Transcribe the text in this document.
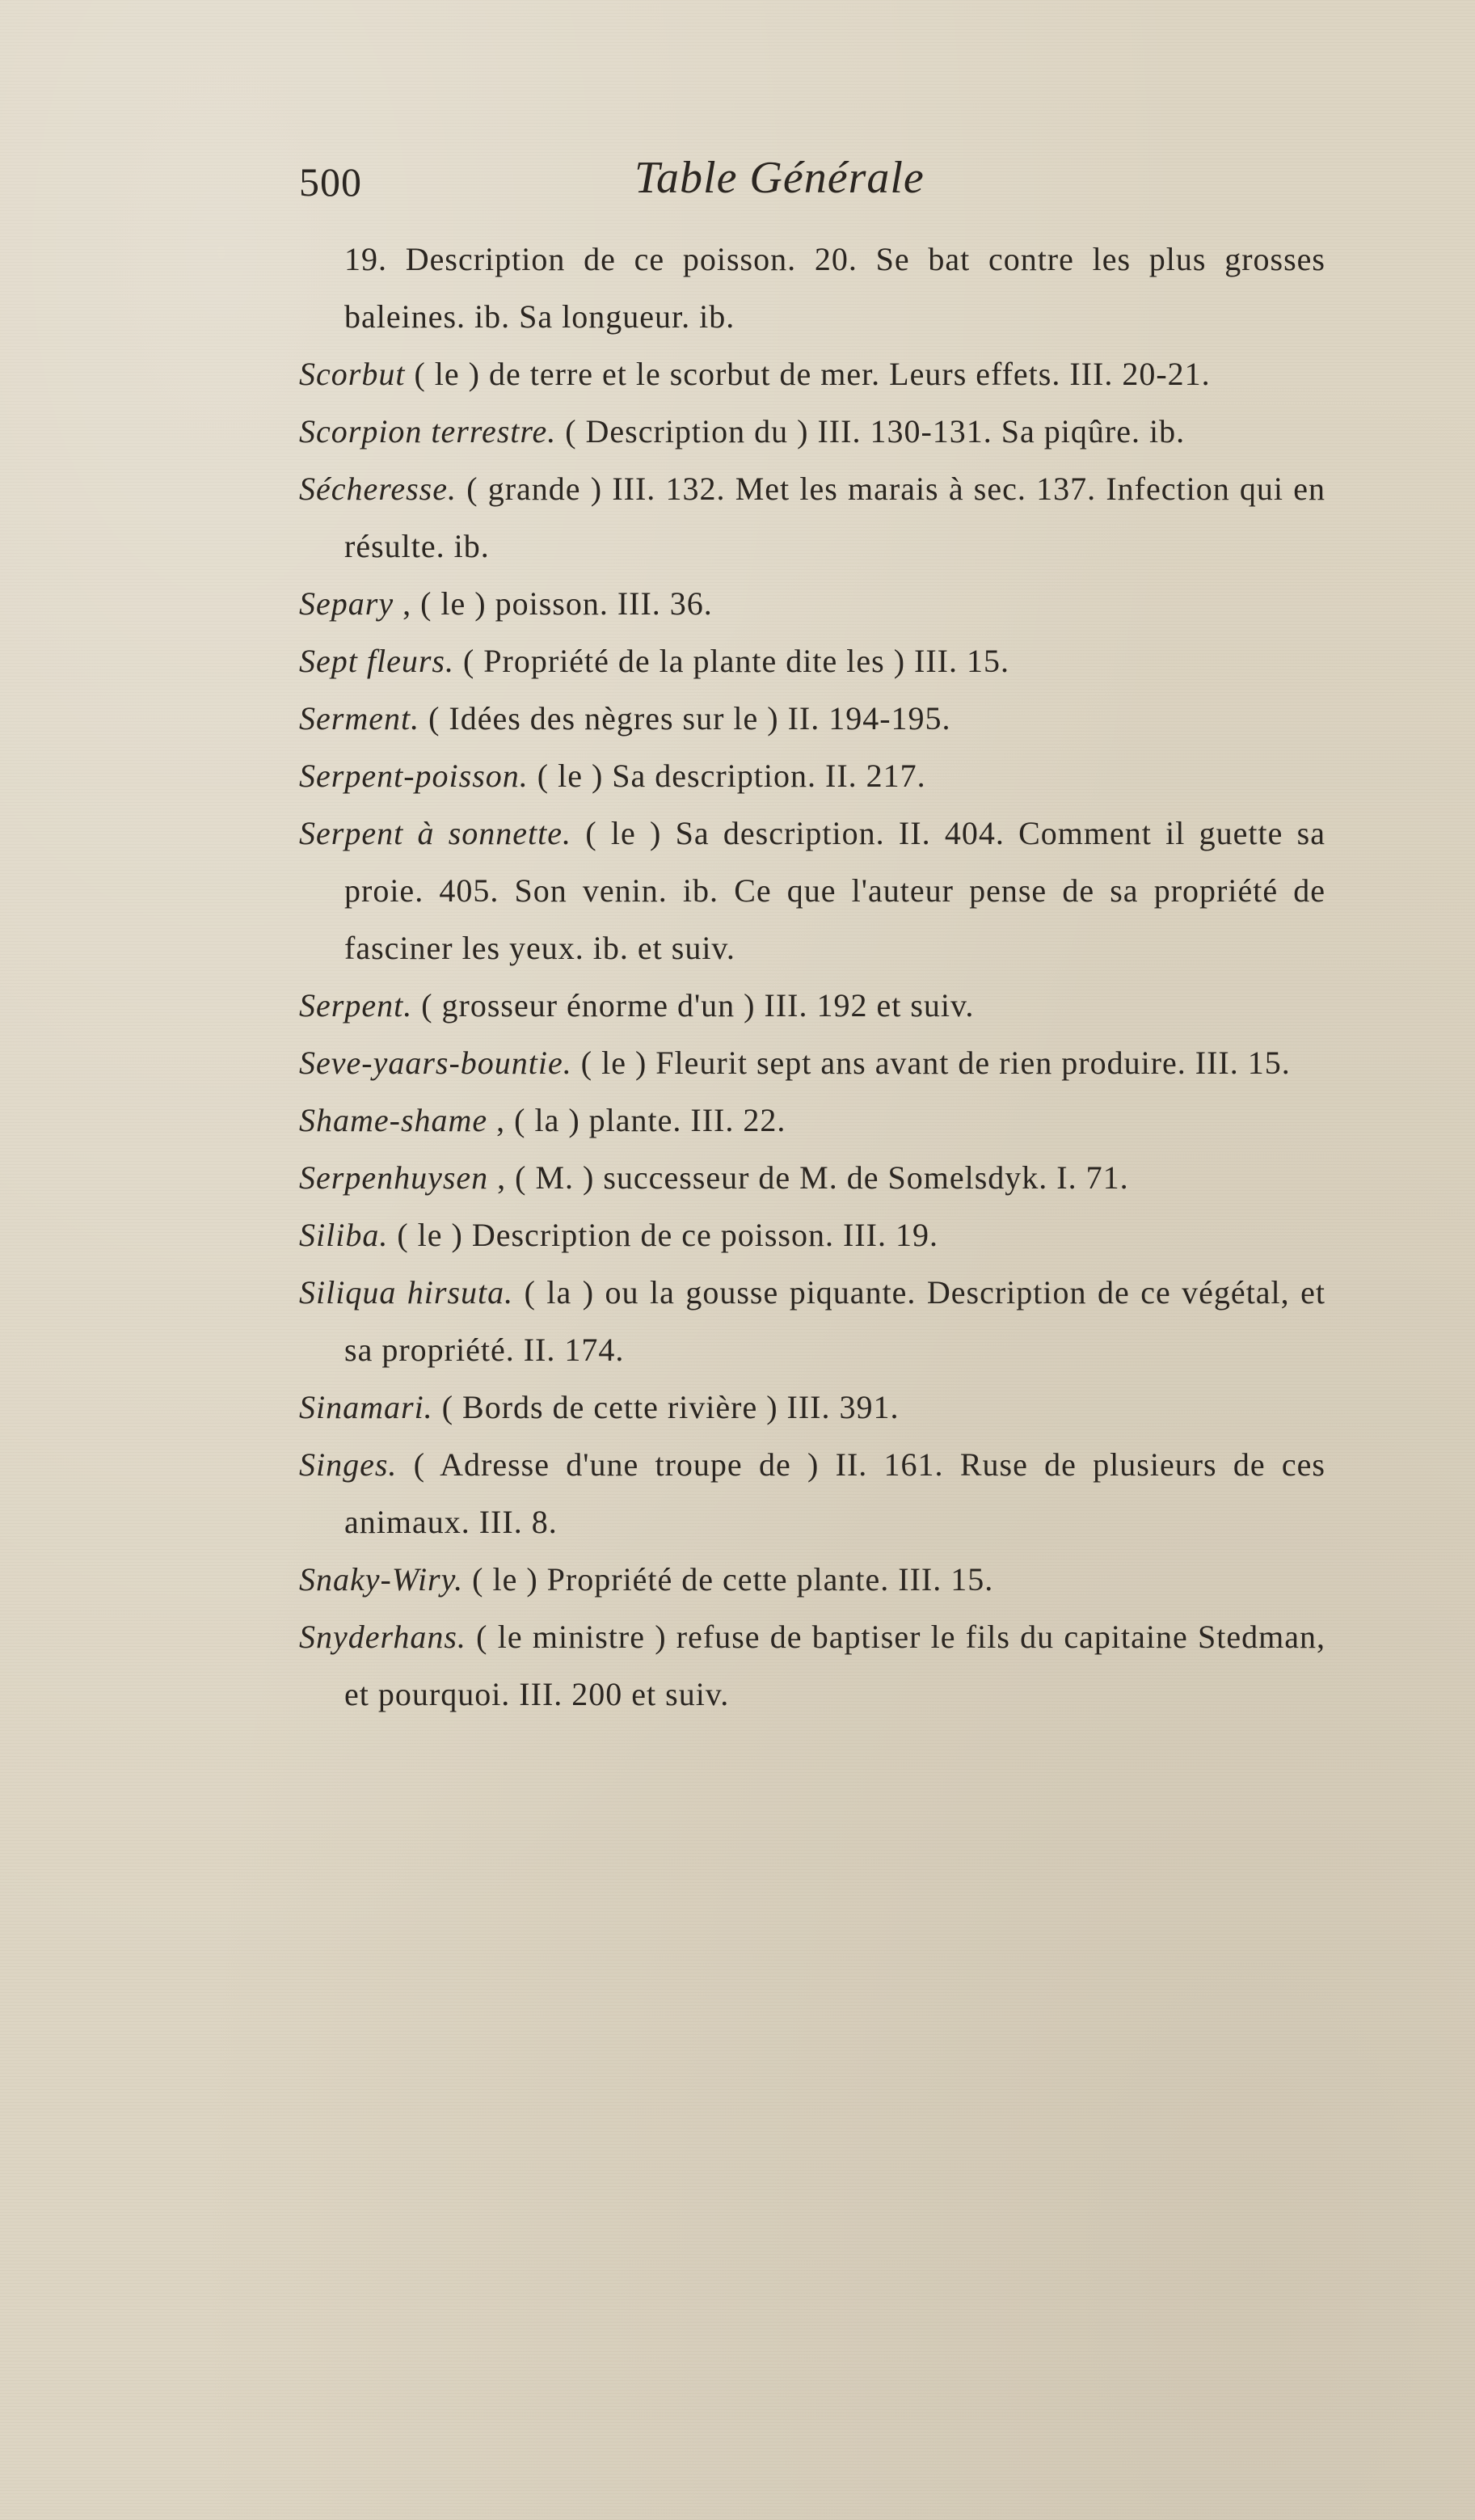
500	Table Générale

19. Description de ce poisson. 20. Se bat contre les plus grosses baleines. ib. Sa longueur. ib.

Scorbut ( le ) de terre et le scorbut de mer. Leurs effets. III. 20-21.

Scorpion terrestre. ( Description du ) III. 130-131. Sa piqûre. ib.

Sécheresse. ( grande ) III. 132. Met les marais à sec. 137. Infection qui en résulte. ib.

Separy , ( le ) poisson. III. 36.

Sept fleurs. ( Propriété de la plante dite les ) III. 15.

Serment. ( Idées des nègres sur le ) II. 194-195.

Serpent-poisson. ( le ) Sa description. II. 217.

Serpent à sonnette. ( le ) Sa description. II. 404. Comment il guette sa proie. 405. Son venin. ib. Ce que l'auteur pense de sa propriété de fasciner les yeux. ib. et suiv.

Serpent. ( grosseur énorme d'un ) III. 192 et suiv.

Seve-yaars-bountie. ( le ) Fleurit sept ans avant de rien produire. III. 15.

Shame-shame , ( la ) plante. III. 22.

Serpenhuysen , ( M. ) successeur de M. de Somelsdyk. I. 71.

Siliba. ( le ) Description de ce poisson. III. 19.

Siliqua hirsuta. ( la ) ou la gousse piquante. Description de ce végétal, et sa propriété. II. 174.

Sinamari. ( Bords de cette rivière ) III. 391.

Singes. ( Adresse d'une troupe de ) II. 161. Ruse de plusieurs de ces animaux. III. 8.

Snaky-Wiry. ( le ) Propriété de cette plante. III. 15.

Snyderhans. ( le ministre ) refuse de baptiser le fils du capitaine Stedman, et pourquoi. III. 200 et suiv.
